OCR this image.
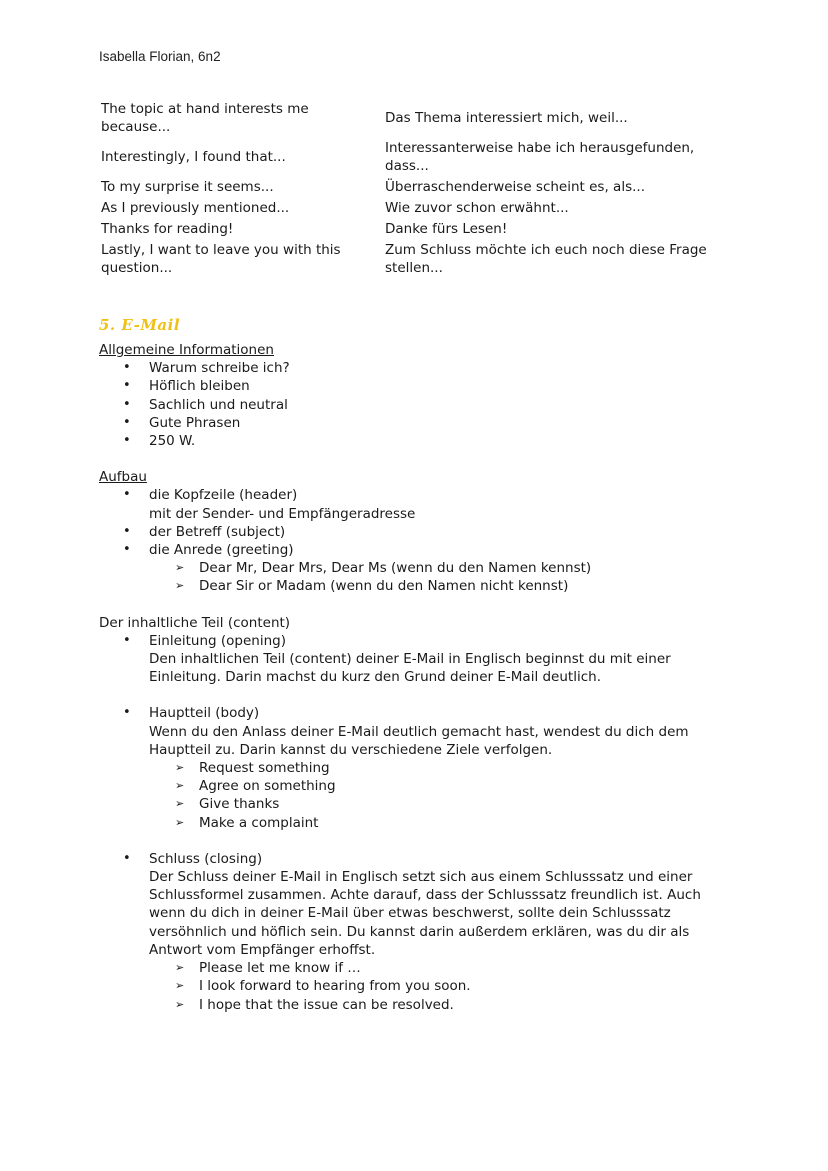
Isabella Florian, 6n2
The topic at hand interests me because...	Das Thema interessiert mich, weil...
Interestingly, I found that...	Interessanterweise habe ich herausgefunden, dass...
To my surprise it seems...	Überraschenderweise scheint es, als...
As I previously mentioned...	Wie zuvor schon erwähnt...
Thanks for reading!	Danke fürs Lesen!
Lastly, I want to leave you with this question...	Zum Schluss möchte ich euch noch diese Frage stellen...
5. E-Mail
Allgemeine Informationen
• Warum schreibe ich?
• Höflich bleiben
• Sachlich und neutral
• Gute Phrasen
• 250 W.
Aufbau
• die Kopfzeile (header)
mit der Sender- und Empfängeradresse
• der Betreff (subject)
• die Anrede (greeting)
➢ Dear Mr, Dear Mrs, Dear Ms (wenn du den Namen kennst)
➢ Dear Sir or Madam (wenn du den Namen nicht kennst)
Der inhaltliche Teil (content)
• Einleitung (opening)
Den inhaltlichen Teil (content) deiner E-Mail in Englisch beginnst du mit einer Einleitung. Darin machst du kurz den Grund deiner E-Mail deutlich.
• Hauptteil (body)
Wenn du den Anlass deiner E-Mail deutlich gemacht hast, wendest du dich dem Hauptteil zu. Darin kannst du verschiedene Ziele verfolgen.
➢ Request something
➢ Agree on something
➢ Give thanks
➢ Make a complaint
• Schluss (closing)
Der Schluss deiner E-Mail in Englisch setzt sich aus einem Schlusssatz und einer Schlussformel zusammen. Achte darauf, dass der Schlusssatz freundlich ist. Auch wenn du dich in deiner E-Mail über etwas beschwerst, sollte dein Schlusssatz versöhnlich und höflich sein. Du kannst darin außerdem erklären, was du dir als Antwort vom Empfänger erhoffst.
➢ Please let me know if …
➢ I look forward to hearing from you soon.
➢ I hope that the issue can be resolved.
